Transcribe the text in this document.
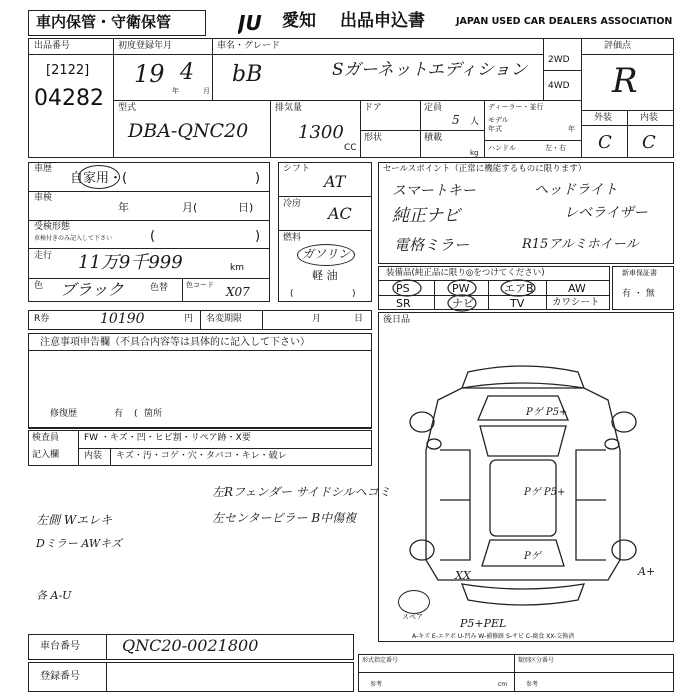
車内保管・守衛保管	JU 愛知 出品申込書	JAPAN USED CAR DEALERS ASSOCIATION
出品番号
[2122]
04282
初度登録年月
19
年
4
月
車名・グレード
bB	Sガーネットエディション 2WD
4WD
評価点
R
型式
DBA-QNC20
排気量
1300
CC
ドア	定員
5 人
形状	積載
kg
ディーラー・並行
モデル
年式	年
ハンドル	左・右
外装	内装
C C
車歴
自家用・(	)
車検
年	月(	日)
受検形態
車検付きのみ記入して下さい	(	)
走行 11万9千999	km
色 ブラック	色替	色コード X07
シフト
AT
冷房 AC
燃料
ガソリン
軽 油
(	)
セールスポイント（正常に機能するものに限ります）
スマートキー	ヘッドライト
純正ナビ	レベライザー
電格ミラー	R15アルミホイール
装備品(純正品に限り◎をつけてください)
PS	PW	エアB	AW
SR	ナビ	TV	カワシート
新車保証書
有 ・ 無
R券	10190	円 名変期限	月	日
注意事項申告欄（不具合内容等は具体的に記入して下さい）
修復歴	有 ( 箇所
後日品
検査員
記入欄
FW ・キズ・凹・ヒビ割・リペア跡・X要
内装 キズ・汚・コゲ・穴・タバコ・キレ・破レ
左Rフェンダー サイドシルヘコミ
左センターピラー B中傷複
左側 Wエレキ
Dミラー AWキズ
各 A-U
Pゲ P5+
Pゲ P5+
Pゲ
XX	A+
P5+PEL
スペア
A-キズ E-エクボ U-凹み W-補修跡 S-サビ C-腐食 XX-交換済
車台番号	QNC20-0021800
登録番号
形式指定番号	類別区分番号
参考	参考
cm
